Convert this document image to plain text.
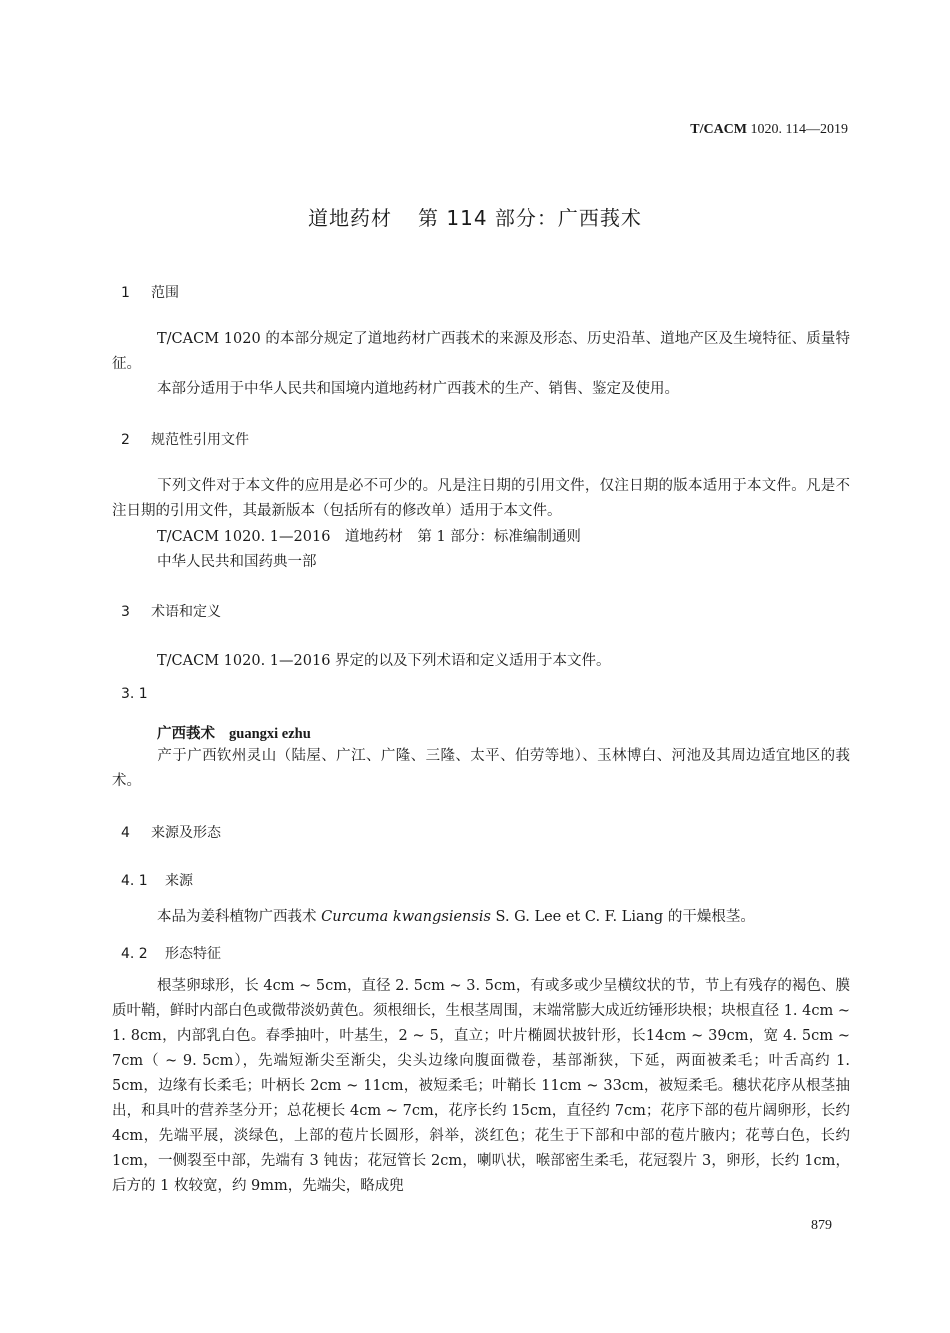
T/CACM 1020. 114—2019
道地药材 第 114 部分：广西莪术
1 范围
T/CACM 1020 的本部分规定了道地药材广西莪术的来源及形态、历史沿革、道地产区及生境特征、质量特征。
本部分适用于中华人民共和国境内道地药材广西莪术的生产、销售、鉴定及使用。
2 规范性引用文件
下列文件对于本文件的应用是必不可少的。凡是注日期的引用文件，仅注日期的版本适用于本文件。凡是不注日期的引用文件，其最新版本（包括所有的修改单）适用于本文件。
T/CACM 1020. 1—2016　道地药材　第 1 部分：标准编制通则
中华人民共和国药典一部
3 术语和定义
T/CACM 1020. 1—2016 界定的以及下列术语和定义适用于本文件。
3. 1
广西莪术 guangxi ezhu
产于广西钦州灵山（陆屋、广江、广隆、三隆、太平、伯劳等地）、玉林博白、河池及其周边适宜地区的莪术。
4 来源及形态
4. 1 来源
本品为姜科植物广西莪术 Curcuma kwangsiensis S. G. Lee et C. F. Liang 的干燥根茎。
4. 2 形态特征
根茎卵球形，长 4cm ~ 5cm，直径 2. 5cm ~ 3. 5cm，有或多或少呈横纹状的节，节上有残存的褐色、膜质叶鞘，鲜时内部白色或微带淡奶黄色。须根细长，生根茎周围，末端常膨大成近纺锤形块根；块根直径 1. 4cm ~ 1. 8cm，内部乳白色。春季抽叶，叶基生，2 ~ 5，直立；叶片椭圆状披针形，长14cm ~ 39cm，宽 4. 5cm ~ 7cm（ ~ 9. 5cm），先端短渐尖至渐尖，尖头边缘向腹面微卷，基部渐狭，下延，两面被柔毛；叶舌高约 1. 5cm，边缘有长柔毛；叶柄长 2cm ~ 11cm，被短柔毛；叶鞘长 11cm ~ 33cm，被短柔毛。穗状花序从根茎抽出，和具叶的营养茎分开；总花梗长 4cm ~ 7cm，花序长约 15cm，直径约 7cm；花序下部的苞片阔卵形，长约 4cm，先端平展，淡绿色，上部的苞片长圆形，斜举，淡红色；花生于下部和中部的苞片腋内；花萼白色，长约 1cm，一侧裂至中部，先端有 3 钝齿；花冠管长 2cm，喇叭状，喉部密生柔毛，花冠裂片 3，卵形，长约 1cm，后方的 1 枚较宽，约 9mm，先端尖，略成兜
879
